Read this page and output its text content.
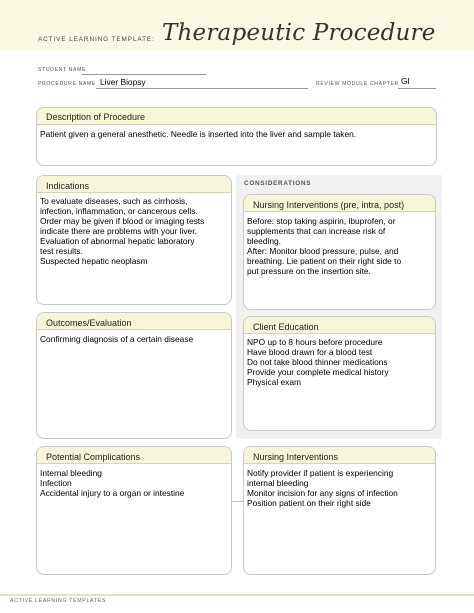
ACTIVE LEARNING TEMPLATE: Therapeutic Procedure
STUDENT NAME
PROCEDURE NAME Liver Biopsy	REVIEW MODULE CHAPTER GI
Description of Procedure
Patient given a general anesthetic. Needle is inserted into the liver and sample taken.
CONSIDERATIONS
Indications
To evaluate diseases, such as cirrhosis,
infection, inflammation, or cancerous cells.
Order may be given if blood or imaging tests
indicate there are problems with your liver.
Evaluation of abnormal hepatic laboratory
test results.
Suspected hepatic neoplasm
Nursing Interventions (pre, intra, post)
Before: stop taking aspirin, ibuprofen, or
supplements that can increase risk of
bleeding.
After: Monitor blood pressure, pulse, and
breathing. Lie patient on their right side to
put pressure on the insertion site.
Outcomes/Evaluation
Confirming diagnosis of a certain disease
Client Education
NPO up to 8 hours before procedure
Have blood drawn for a blood test
Do not take blood thinner medications
Provide your complete medical history
Physical exam
Potential Complications
Internal bleeding
Infection
Accidental injury to a organ or intestine
Nursing Interventions
Notify provider if patient is experiencing
internal bleeding
Monitor incision for any signs of infection
Position patient on their right side
ACTIVE LEARNING TEMPLATES
